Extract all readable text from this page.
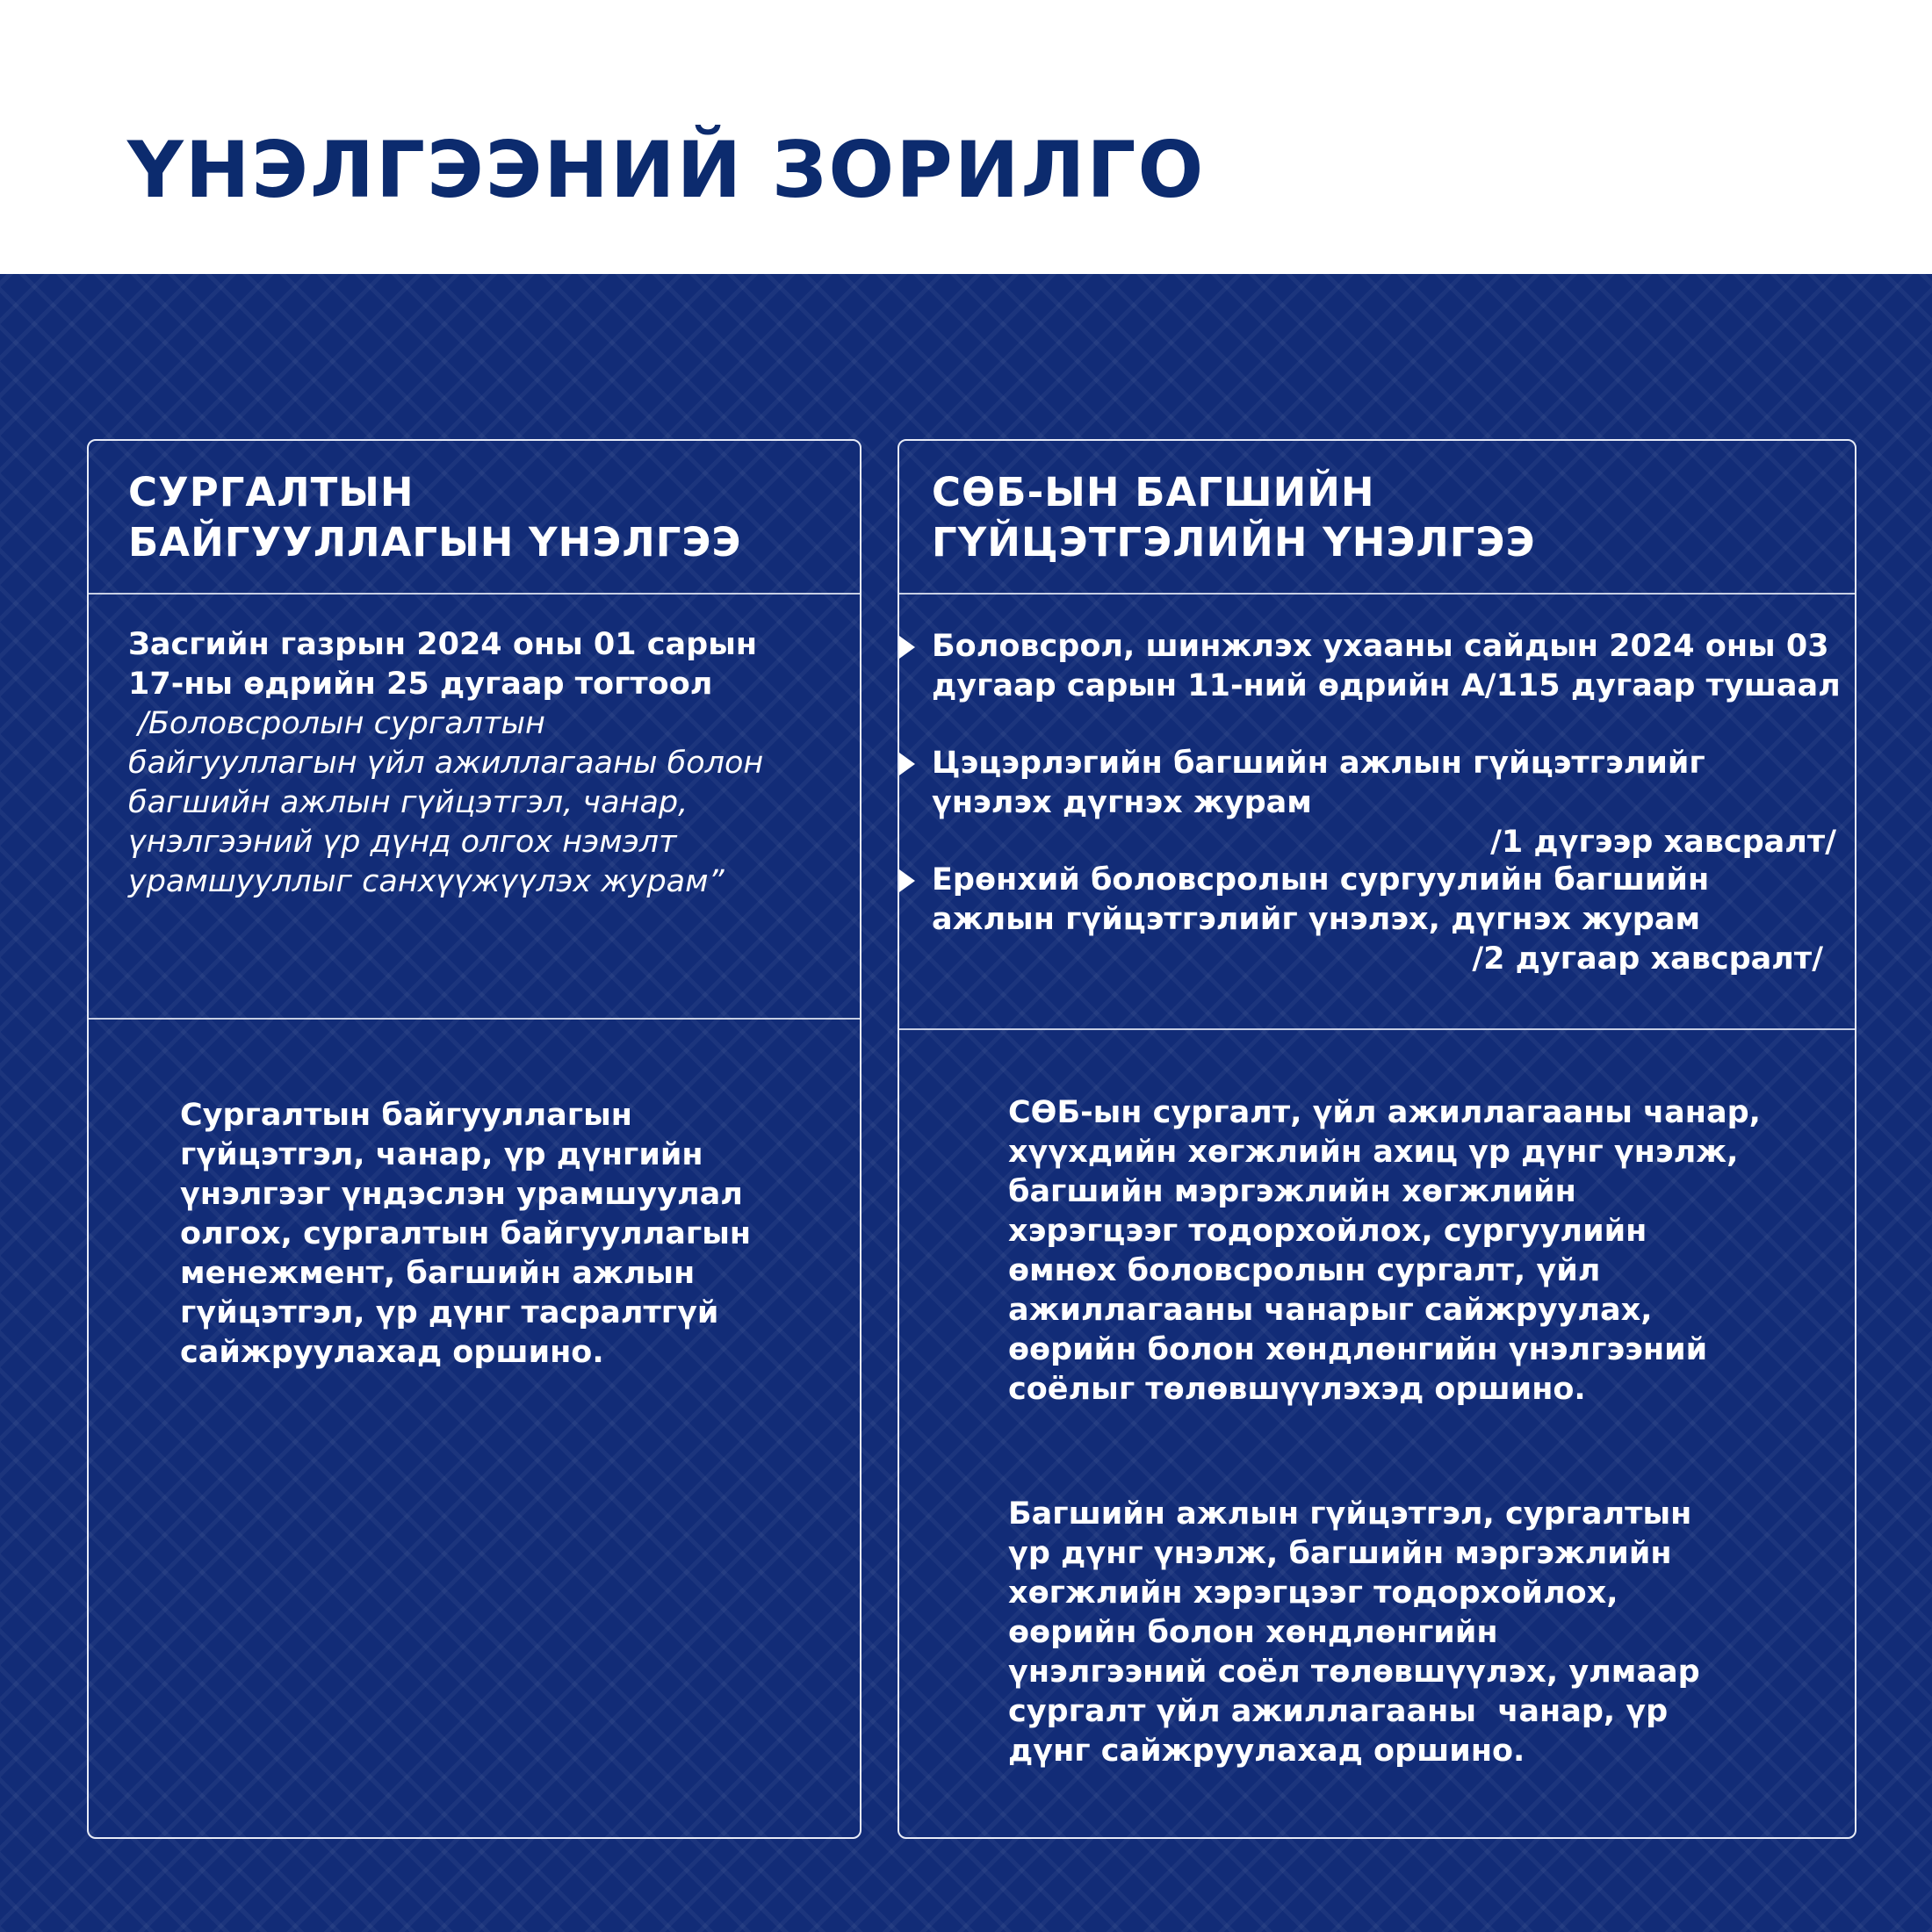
ҮНЭЛГЭЭНИЙ ЗОРИЛГО
СУРГАЛТЫН
БАЙГУУЛЛАГЫН ҮНЭЛГЭЭ
Засгийн газрын 2024 оны 01 сарын
17-ны өдрийн 25 дугаар тогтоол
/Боловсролын сургалтын
байгууллагын үйл ажиллагааны болон
багшийн ажлын гүйцэтгэл, чанар,
үнэлгээний үр дүнд олгох нэмэлт
урамшууллыг санхүүжүүлэх журам”
Сургалтын байгууллагын
гүйцэтгэл, чанар, үр дүнгийн
үнэлгээг үндэслэн урамшуулал
олгох, сургалтын байгууллагын
менежмент, багшийн ажлын
гүйцэтгэл, үр дүнг тасралтгүй
сайжруулахад оршино.
СӨБ-ЫН БАГШИЙН
ГҮЙЦЭТГЭЛИЙН ҮНЭЛГЭЭ
Боловсрол, шинжлэх ухааны сайдын 2024 оны 03
дугаар сарын 11-ний өдрийн А/115 дугаар тушаал
Цэцэрлэгийн багшийн ажлын гүйцэтгэлийг
үнэлэх дүгнэх журам
/1 дүгээр хавсралт/
Ерөнхий боловсролын сургуулийн багшийн
ажлын гүйцэтгэлийг үнэлэх, дүгнэх журам
/2 дугаар хавсралт/
СӨБ-ын сургалт, үйл ажиллагааны чанар,
хүүхдийн хөгжлийн ахиц үр дүнг үнэлж,
багшийн мэргэжлийн хөгжлийн
хэрэгцээг тодорхойлох, сургуулийн
өмнөх боловсролын сургалт, үйл
ажиллагааны чанарыг сайжруулах,
өөрийн болон хөндлөнгийн үнэлгээний
соёлыг төлөвшүүлэхэд оршино.
Багшийн ажлын гүйцэтгэл, сургалтын
үр дүнг үнэлж, багшийн мэргэжлийн
хөгжлийн хэрэгцээг тодорхойлох,
өөрийн болон хөндлөнгийн
үнэлгээний соёл төлөвшүүлэх, улмаар
сургалт үйл ажиллагааны  чанар, үр
дүнг сайжруулахад оршино.
